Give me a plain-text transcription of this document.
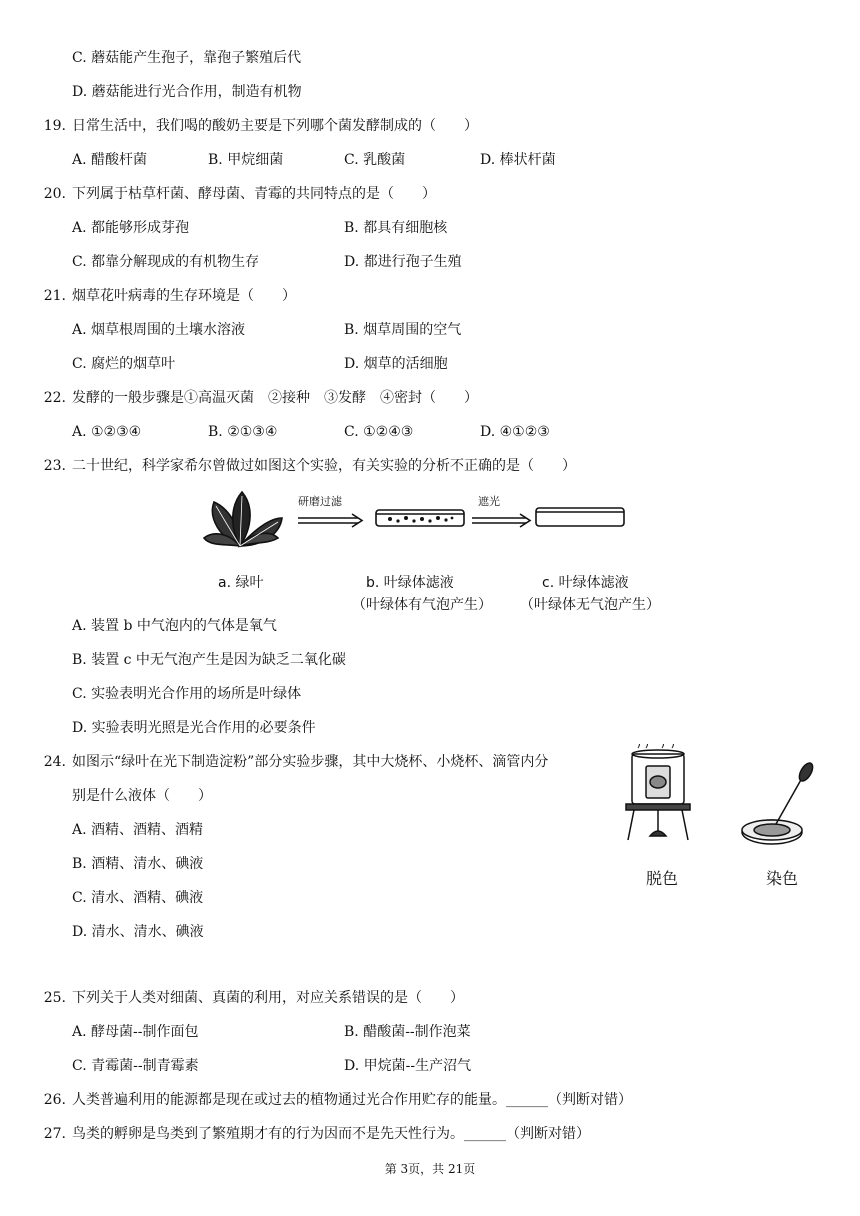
C. 蘑菇能产生孢子，靠孢子繁殖后代
D. 蘑菇能进行光合作用，制造有机物
19. 日常生活中，我们喝的酸奶主要是下列哪个菌发酵制成的（　　）
A. 醋酸杆菌	B. 甲烷细菌	C. 乳酸菌	D. 棒状杆菌
20. 下列属于枯草杆菌、酵母菌、青霉的共同特点的是（　　）
A. 都能够形成芽孢	B. 都具有细胞核
C. 都靠分解现成的有机物生存	D. 都进行孢子生殖
21. 烟草花叶病毒的生存环境是（　　）
A. 烟草根周围的土壤水溶液	B. 烟草周围的空气
C. 腐烂的烟草叶	D. 烟草的活细胞
22. 发酵的一般步骤是①高温灭菌　②接种　③发酵　④密封（　　）
A. ①②③④	B. ②①③④	C. ①②④③	D. ④①②③
23. 二十世纪，科学家希尔曾做过如图这个实验，有关实验的分析不正确的是（　　）
研磨过滤	遮光
a. 绿叶	b. 叶绿体滤液
（叶绿体有气泡产生）
c. 叶绿体滤液
（叶绿体无气泡产生）
A. 装置 b 中气泡内的气体是氧气
B. 装置 c 中无气泡产生是因为缺乏二氧化碳
C. 实验表明光合作用的场所是叶绿体
D. 实验表明光照是光合作用的必要条件
24. 如图示“绿叶在光下制造淀粉”部分实验步骤，其中大烧杯、小烧杯、滴管内分
别是什么液体（　　）
A. 酒精、酒精、酒精
B. 酒精、清水、碘液
C. 清水、酒精、碘液
D. 清水、清水、碘液
脱色	染色
25. 下列关于人类对细菌、真菌的利用，对应关系错误的是（　　）
A. 酵母菌--制作面包	B. 醋酸菌--制作泡菜
C. 青霉菌--制青霉素	D. 甲烷菌--生产沼气
26. 人类普遍利用的能源都是现在或过去的植物通过光合作用贮存的能量。______（判断对错）
27. 鸟类的孵卵是鸟类到了繁殖期才有的行为因而不是先天性行为。______（判断对错）
第 3页，共 21页
